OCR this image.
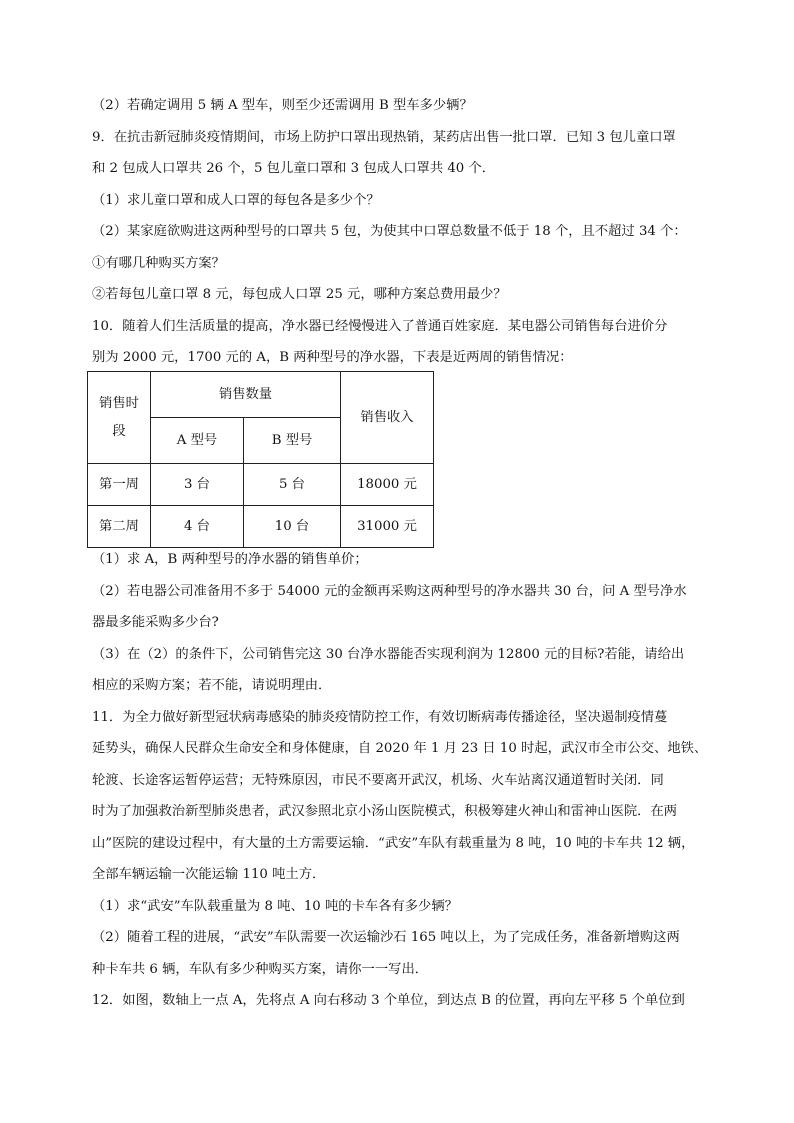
（2）若确定调用 5 辆 A 型车，则至少还需调用 B 型车多少辆？
9．在抗击新冠肺炎疫情期间，市场上防护口罩出现热销，某药店出售一批口罩．已知 3 包儿童口罩
和 2 包成人口罩共 26 个，5 包儿童口罩和 3 包成人口罩共 40 个．
（1）求儿童口罩和成人口罩的每包各是多少个？
（2）某家庭欲购进这两种型号的口罩共 5 包，为使其中口罩总数量不低于 18 个，且不超过 34 个：
①有哪几种购买方案？
②若每包儿童口罩 8 元，每包成人口罩 25 元，哪种方案总费用最少？
10．随着人们生活质量的提高，净水器已经慢慢进入了普通百姓家庭．某电器公司销售每台进价分
别为 2000 元，1700 元的 A，B 两种型号的净水器，下表是近两周的销售情况：
销售时
段	销售数量		销售收入
	A 型号	B 型号	
第一周	3 台	5 台	18000 元
第二周	4 台	10 台	31000 元
（1）求 A，B 两种型号的净水器的销售单价；
（2）若电器公司准备用不多于 54000 元的金额再采购这两种型号的净水器共 30 台，问 A 型号净水
器最多能采购多少台?
（3）在（2）的条件下，公司销售完这 30 台净水器能否实现利润为 12800 元的目标?若能，请给出
相应的采购方案；若不能，请说明理由．
11．为全力做好新型冠状病毒感染的肺炎疫情防控工作，有效切断病毒传播途径，坚决遏制疫情蔓
延势头，确保人民群众生命安全和身体健康，自 2020 年 1 月 23 日 10 时起，武汉市全市公交、地铁、
轮渡、长途客运暂停运营；无特殊原因，市民不要离开武汉，机场、火车站离汉通道暂时关闭．同
时为了加强救治新型肺炎患者，武汉参照北京小汤山医院模式，积极筹建火神山和雷神山医院．在两
山”医院的建设过程中，有大量的土方需要运输．“武安”车队有载重量为 8 吨，10 吨的卡车共 12 辆，
全部车辆运输一次能运输 110 吨土方．
（1）求“武安”车队载重量为 8 吨、10 吨的卡车各有多少辆？
（2）随着工程的进展，“武安”车队需要一次运输沙石 165 吨以上，为了完成任务，准备新增购这两
种卡车共 6 辆，车队有多少种购买方案，请你一一写出．
12．如图，数轴上一点 A，先将点 A 向右移动 3 个单位，到达点 B 的位置，再向左平移 5 个单位到
